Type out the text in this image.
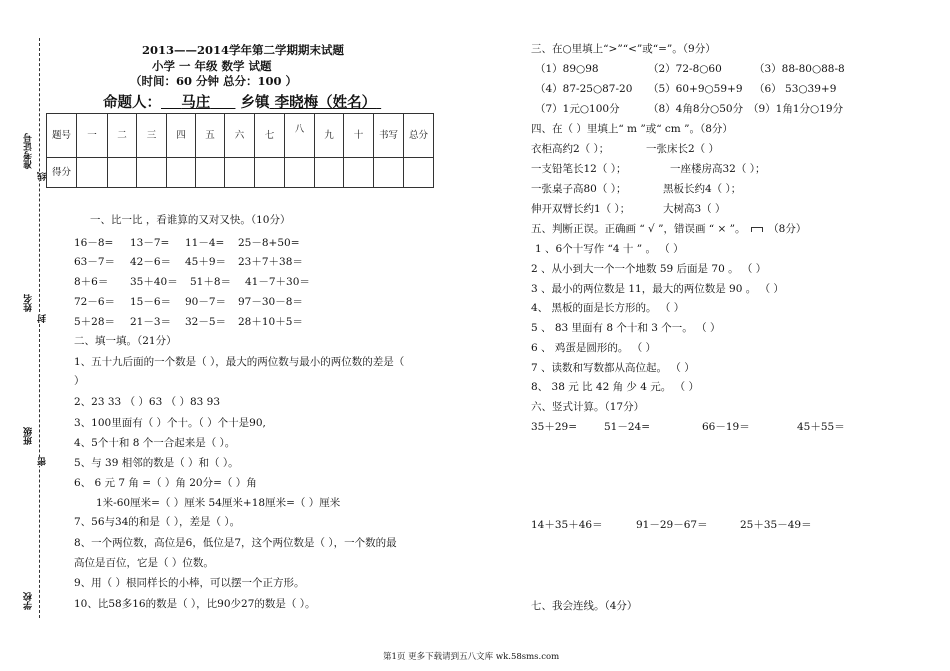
准考证号
线
姓名
封
班级
密
学校
2013——2014学年第二学期期末试题
小学 一 年级 数学 试题
（时间：60 分钟 总分：100 ）
命题人： 马庄 乡镇 李晓梅（姓名）
题号	一	二	三	四	五	六	七	八	九	十	书写	总分
得分												
一、比一比 ，看谁算的又对又快。（10分）
16－8= 13－7= 11－4= 25－8+50=
63－7＝ 42－6＝ 45＋9＝ 23＋7＋38＝
8＋6＝ 35＋40＝ 51＋8＝ 41－7＋30＝
72－6＝ 15－6＝ 90－7＝ 97－30－8＝
5＋28＝ 21－3＝ 32－5＝ 28＋10＋5＝
二、填一填。（21分）
1、五十九后面的一个数是（ ），最大的两位数与最小的两位数的差是（
）
2、23 33 （ ）63 （ ）83 93
3、100里面有（ ）个十。（ ）个十是90,
4、5个十和 8 个一合起来是（ ）。
5、与 39 相邻的数是（ ）和（ ）。
6、 6 元 7 角 =（ ）角 20分=（ ）角
1米-60厘米=（ ）厘米 54厘米+18厘米=（ ）厘米
7、56与34的和是（ ），差是（ ）。
8、一个两位数，高位是6，低位是7，这个两位数是（ ），一个数的最
高位是百位，它是（ ）位数。
9、用（ ）根同样长的小棒，可以摆一个正方形。
10、比58多16的数是（ ），比90少27的数是（ ）。
三、在○里填上“>”“<”或“=”。（9分）
（1）89○98	（2）72-8○60	（3）88-80○88-8
（4）87-25○87-20 （5）60+9○59+9 （6） 53○39+9
（7）1元○100分	（8）4角8分○50分 （9）1角1分○19分
四、在（ ）里填上“ m ”或“ cm ”。（8分）
衣柜高约2（ ）；	一张床长2（ ）
一支铅笔长12（ ）；	一座楼房高32（ ）；
一张桌子高80（ ）；	黑板长约4（ ）；
伸开双臂长约1（ ）；	大树高3（ ）
五、判断正误。正确画 “ √ ”，错误画 “ × ”。 （8分）
1 、6个十写作 “4 十 ” 。 （ ）
2 、从小到大一个一个地数 59 后面是 70 。 （ ）
3 、最小的两位数是 11，最大的两位数是 90 。 （ ）
4、 黑板的面是长方形的。 （ ）
5 、 83 里面有 8 个十和 3 个一。 （ ）
6 、 鸡蛋是圆形的。 （ ）
7 、读数和写数都从高位起。 （ ）
8、 38 元 比 42 角 少 4 元。 （ ）
六、竖式计算。（17分）
35＋29=	51－24=	66－19＝	45＋55＝
14＋35＋46＝	91－29－67＝	25＋35－49＝
七、我会连线。（4分）
第1页 更多下载请到五八文库 wk.58sms.com
